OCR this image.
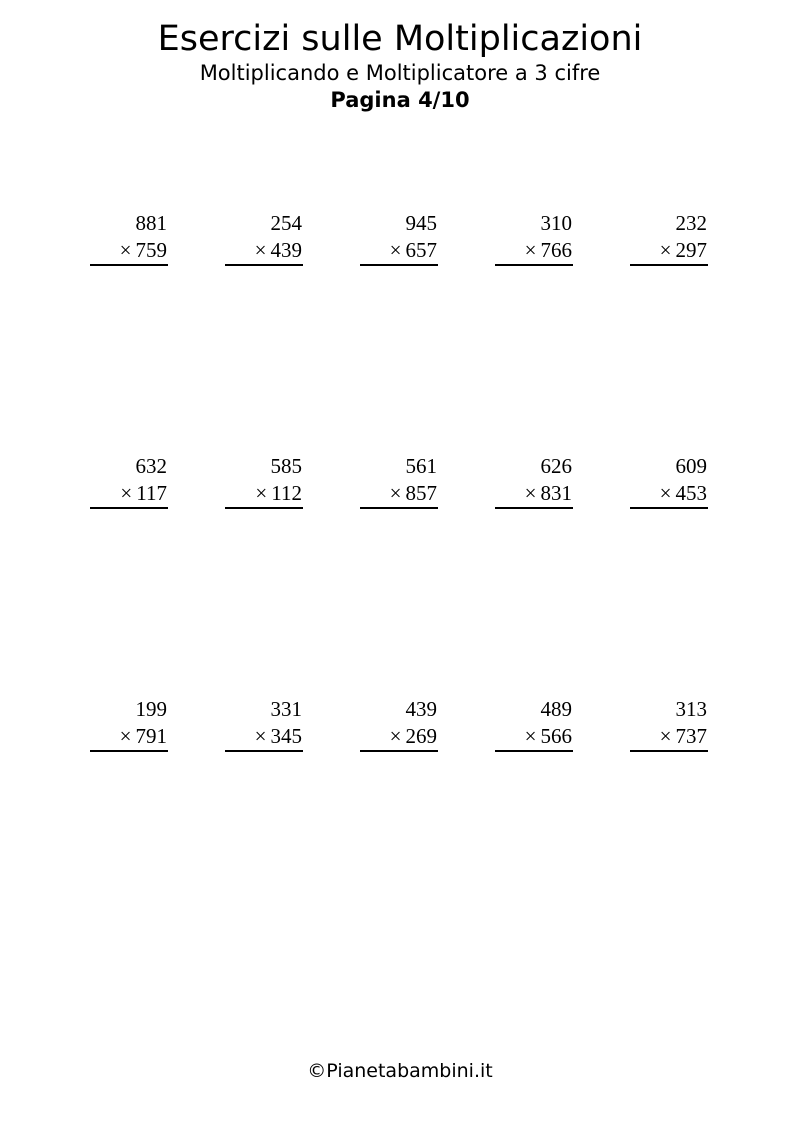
Esercizi sulle Moltiplicazioni

Moltiplicando e Moltiplicatore a 3 cifre

Pagina 4/10

881
× 759
254
× 439
945
× 657
310
× 766
232
× 297
632
× 117
585
× 112
561
× 857
626
× 831
609
× 453
199
× 791
331
× 345
439
× 269
489
× 566
313
× 737
©Pianetabambini.it
